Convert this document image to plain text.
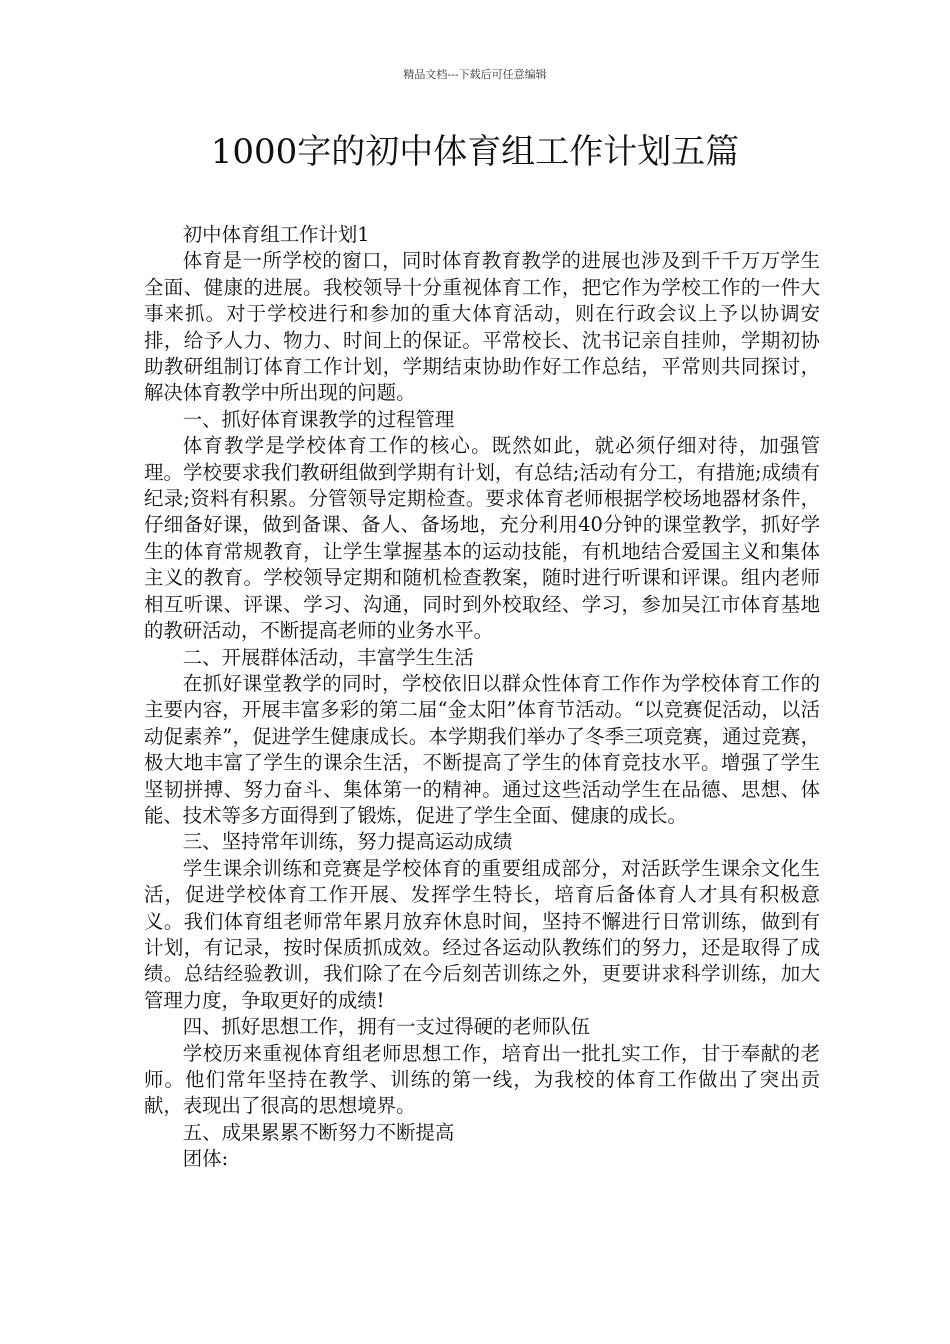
精品文档---下载后可任意编辑
1000字的初中体育组工作计划五篇

初中体育组工作计划1

体育是一所学校的窗口，同时体育教育教学的进展也涉及到千千万万学生全面、健康的进展。我校领导十分重视体育工作，把它作为学校工作的一件大事来抓。对于学校进行和参加的重大体育活动，则在行政会议上予以协调安排，给予人力、物力、时间上的保证。平常校长、沈书记亲自挂帅，学期初协助教研组制订体育工作计划，学期结束协助作好工作总结，平常则共同探讨，解决体育教学中所出现的问题。

一、抓好体育课教学的过程管理

体育教学是学校体育工作的核心。既然如此，就必须仔细对待，加强管理。学校要求我们教研组做到学期有计划，有总结;活动有分工，有措施;成绩有纪录;资料有积累。分管领导定期检查。要求体育老师根据学校场地器材条件，仔细备好课，做到备课、备人、备场地，充分利用40分钟的课堂教学，抓好学生的体育常规教育，让学生掌握基本的运动技能，有机地结合爱国主义和集体主义的教育。学校领导定期和随机检查教案，随时进行听课和评课。组内老师相互听课、评课、学习、沟通，同时到外校取经、学习，参加吴江市体育基地的教研活动，不断提高老师的业务水平。

二、开展群体活动，丰富学生生活

在抓好课堂教学的同时，学校依旧以群众性体育工作作为学校体育工作的主要内容，开展丰富多彩的第二届“金太阳”体育节活动。“以竞赛促活动，以活动促素养”，促进学生健康成长。本学期我们举办了冬季三项竞赛，通过竞赛，极大地丰富了学生的课余生活，不断提高了学生的体育竞技水平。增强了学生坚韧拼搏、努力奋斗、集体第一的精神。通过这些活动学生在品德、思想、体能、技术等多方面得到了锻炼，促进了学生全面、健康的成长。

三、坚持常年训练，努力提高运动成绩

学生课余训练和竞赛是学校体育的重要组成部分，对活跃学生课余文化生活，促进学校体育工作开展、发挥学生特长，培育后备体育人才具有积极意义。我们体育组老师常年累月放弃休息时间，坚持不懈进行日常训练，做到有计划，有记录，按时保质抓成效。经过各运动队教练们的努力，还是取得了成绩。总结经验教训，我们除了在今后刻苦训练之外，更要讲求科学训练，加大管理力度，争取更好的成绩!

四、抓好思想工作，拥有一支过得硬的老师队伍

学校历来重视体育组老师思想工作，培育出一批扎实工作，甘于奉献的老师。他们常年坚持在教学、训练的第一线，为我校的体育工作做出了突出贡献，表现出了很高的思想境界。

五、成果累累不断努力不断提高

团体:
